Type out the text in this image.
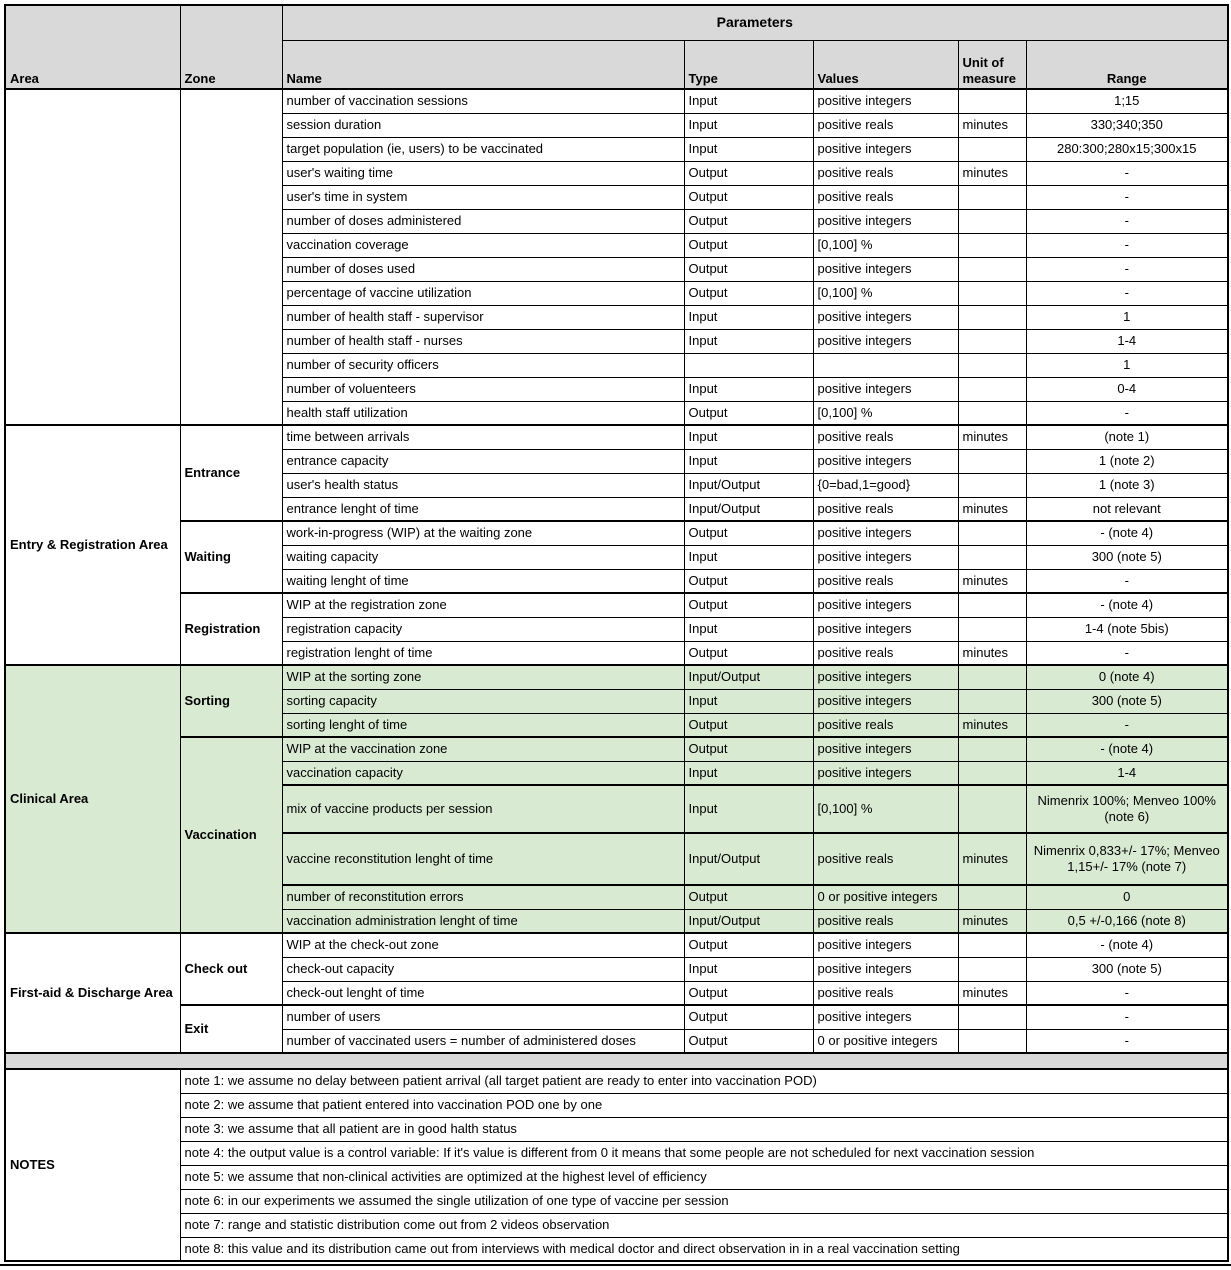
Area	Zone	Parameters				
		Name	Type	Values	Unit of measure	Range
		number of vaccination sessions	Input	positive integers		1;15
		session duration	Input	positive reals	minutes	330;340;350
		target population (ie, users) to be vaccinated	Input	positive integers		280:300;280x15;300x15
		user's waiting time	Output	positive reals	minutes	-
		user's time in system	Output	positive reals		-
		number of doses administered	Output	positive integers		-
		vaccination coverage	Output	[0,100] %		-
		number of doses used	Output	positive integers		-
		percentage of vaccine utilization	Output	[0,100] %		-
		number of health staff - supervisor	Input	positive integers		1
		number of health staff - nurses	Input	positive integers		1-4
		number of security officers				1
		number of voluenteers	Input	positive integers		0-4
		health staff utilization	Output	[0,100] %		-
Entry & Registration Area	Entrance	time between arrivals	Input	positive reals	minutes	(note 1)
		entrance capacity	Input	positive integers		1 (note 2)
		user's health status	Input/Output	{0=bad,1=good}		1 (note 3)
		entrance lenght of time	Input/Output	positive reals	minutes	not relevant
	Waiting	work-in-progress (WIP) at the waiting zone	Output	positive integers		- (note 4)
		waiting capacity	Input	positive integers		300 (note 5)
		waiting lenght of time	Output	positive reals	minutes	-
	Registration	WIP at the registration zone	Output	positive integers		- (note 4)
		registration capacity	Input	positive integers		1-4 (note 5bis)
		registration lenght of time	Output	positive reals	minutes	-
Clinical Area	Sorting	WIP at the sorting zone	Input/Output	positive integers		0 (note 4)
		sorting capacity	Input	positive integers		300 (note 5)
		sorting lenght of time	Output	positive reals	minutes	-
	Vaccination	WIP at the vaccination zone	Output	positive integers		- (note 4)
		vaccination capacity	Input	positive integers		1-4
		mix of vaccine products per session	Input	[0,100] %		Nimenrix 100%; Menveo 100% (note 6)
		vaccine reconstitution lenght of time	Input/Output	positive reals	minutes	Nimenrix 0,833+/- 17%; Menveo 1,15+/- 17% (note 7)
		number of reconstitution errors	Output	0 or positive integers		0
		vaccination administration lenght of time	Input/Output	positive reals	minutes	0,5 +/-0,166 (note 8)
First-aid & Discharge Area	Check out	WIP at the check-out zone	Output	positive integers		- (note 4)
		check-out capacity	Input	positive integers		300 (note 5)
		check-out lenght of time	Output	positive reals	minutes	-
	Exit	number of users	Output	positive integers		-
		number of vaccinated users = number of administered doses	Output	0 or positive integers		-

NOTES	note 1: we assume no delay between patient arrival (all target patient are ready to enter into vaccination POD)					
	note 2: we assume that patient entered into vaccination POD one by one					
	note 3: we assume that all patient are in good halth status					
	note 4: the output value is a control variable: If it's value is different from 0 it means that some people are not scheduled for next vaccination session					
	note 5: we assume that non-clinical activities are optimized at the highest level of efficiency					
	note 6: in our experiments we assumed the single utilization of one type of vaccine per session					
	note 7: range and statistic distribution come out from 2 videos observation					
	note 8: this value and its distribution came out from interviews with medical doctor and direct observation in in a real vaccination setting					
